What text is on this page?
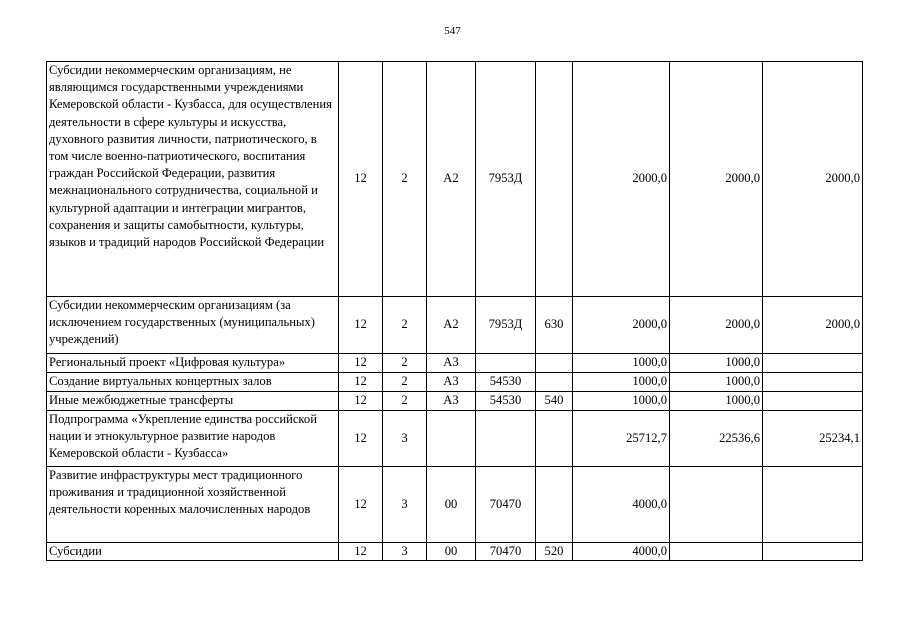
547
Субсидии некоммерческим организациям, не являющимся государственными учреждениями Кемеровской области - Кузбасса, для осуществления деятельности в сфере культуры и искусства, духовного развития личности, патриотического, в том числе военно-патриотического, воспитания граждан Российской Федерации, развития межнационального сотрудничества, социальной и культурной адаптации и интеграции мигрантов, сохранения и защиты самобытности, культуры, языков и традиций народов Российской Федерации	12	2	А2	7953Д		2000,0	2000,0	2000,0
Субсидии некоммерческим организациям (за исключением государственных (муниципальных) учреждений)	12	2	А2	7953Д	630	2000,0	2000,0	2000,0
Региональный проект «Цифровая культура»	12	2	А3			1000,0	1000,0	
Создание виртуальных концертных залов	12	2	А3	54530		1000,0	1000,0	
Иные межбюджетные трансферты	12	2	А3	54530	540	1000,0	1000,0	
Подпрограмма «Укрепление единства российской нации и этнокультурное развитие народов Кемеровской области - Кузбасса»	12	3				25712,7	22536,6	25234,1
Развитие инфраструктуры мест традиционного проживания и традиционной хозяйственной деятельности коренных малочисленных народов	12	3	00	70470		4000,0		
Субсидии	12	3	00	70470	520	4000,0		
